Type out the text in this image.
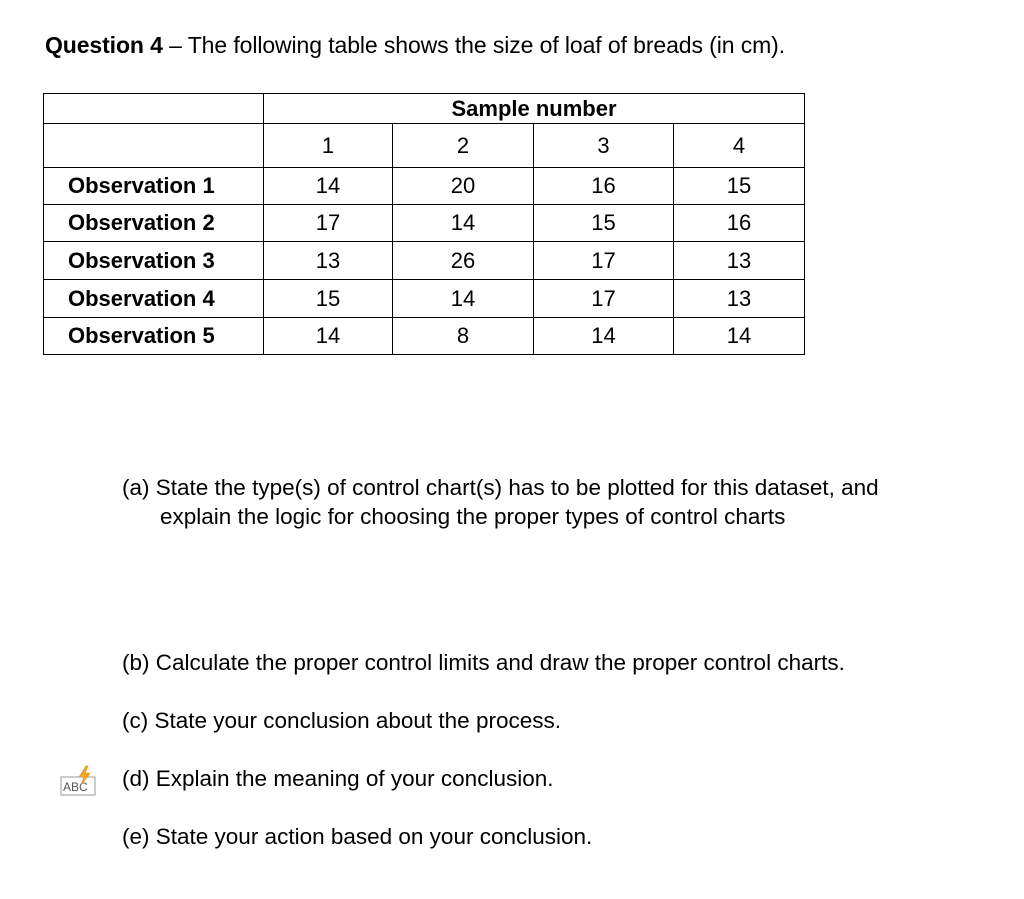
Question 4 – The following table shows the size of loaf of breads (in cm).
	Sample number			
	1	2	3	4
Observation 1	14	20	16	15
Observation 2	17	14	15	16
Observation 3	13	26	17	13
Observation 4	15	14	17	13
Observation 5	14	8	14	14
(a) State the type(s) of control chart(s) has to be plotted for this dataset, and
explain the logic for choosing the proper types of control charts
(b) Calculate the proper control limits and draw the proper control charts.
(c) State your conclusion about the process.
(d) Explain the meaning of your conclusion.
(e) State your action based on your conclusion.
ABC
